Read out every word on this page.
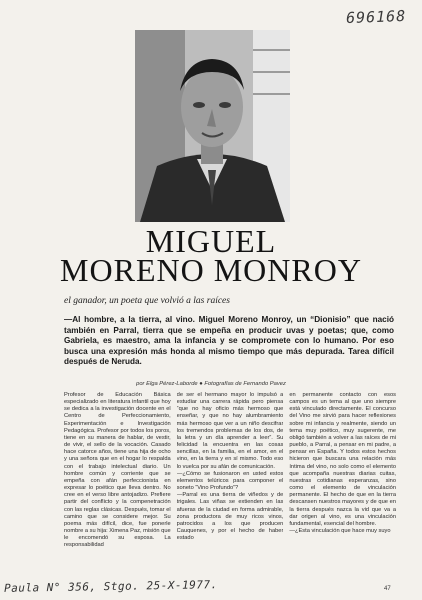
696168
MIGUEL
MORENO MONROY
el ganador, un poeta que volvió a las raíces

—Al hombre, a la tierra, al vino. Miguel Moreno Monroy, un “Dionisio” que nació también en Parral, tierra que se empeña en producir uvas y poetas; que, como Gabriela, es maestro, ama la infancia y se compromete con lo humano. Por eso busca una expresión más honda al mismo tiempo que más depurada. Tarea difícil después de Neruda.

por Elga Pérez-Laborde ● Fotografías de Fernando Pavez

Profesor de Educación Básica especializado en literatura infantil que hoy se dedica a la investigación docente en el Centro de Perfeccionamiento, Experimentación e Investigación Pedagógica. Profesor por todos los poros, tiene en su manera de hablar, de vestir, de vivir, el sello de la vocación. Casado hace catorce años, tiene una hija de ocho y una señora que en el hogar lo respalda con el trabajo intelectual diario. Un hombre común y corriente que se empeña con afán perfeccionista en expresar lo poético que lleva dentro. No cree en el verso libre antojadizo. Prefiere partir del conflicto y la compenetración con las reglas clásicas. Después, tomar el camino que se considere mejor. Su poema más difícil, dice, fue ponerle nombre a su hija: Ximena Paz, misión que le encomendó su esposa. La responsabilidad

de ser el hermano mayor lo impulsó a estudiar una carrera rápida pero piensa “que no hay oficio más hermoso que enseñar, y que no hay alumbramiento más hermoso que ver a un niño descifrar los tremendos problemas de los dos, de la letra y un día aprender a leer”. Su felicidad la encuentra en las cosas sencillas, en la familia, en el amor, en el vino, en la tierra y en sí mismo. Todo eso lo vuelca por su afán de comunicación.
—¿Cómo se fusionaron en usted estos elementos telúricos para componer el soneto “Vino Profundo”?
—Parral es una tierra de viñedos y de trigales. Las viñas se extienden en las afueras de la ciudad en forma admirable, zona productora de muy ricos vinos, patrocidos a los que producen Cauquenes, y por el hecho de haber estado

en permanente contacto con esos campos es un tema al que uno siempre está vinculado directamente. El concurso del Vino me sirvió para hacer reflexiones sobre mi infancia y realmente, siendo un tema muy poético, muy sugerente, me obligó también a volver a las raíces de mi pueblo, a Parral, a pensar en mi padre, a pensar en España. Y todos estos hechos hicieron que buscara una relación más íntima del vino, no solo como el elemento que acompaña nuestras diarias cuitas, nuestras cotidianas esperanzas, sino como el elemento de vinculación permanente. El hecho de que en la tierra descansen nuestros mayores y de que en la tierra después nazca la vid que va a dar origen al vino, es una vinculación fundamental, esencial del hombre.
—¿Esta vinculación que hace muy suyo

47
Paula N° 356, Stgo. 25-X-1977.
